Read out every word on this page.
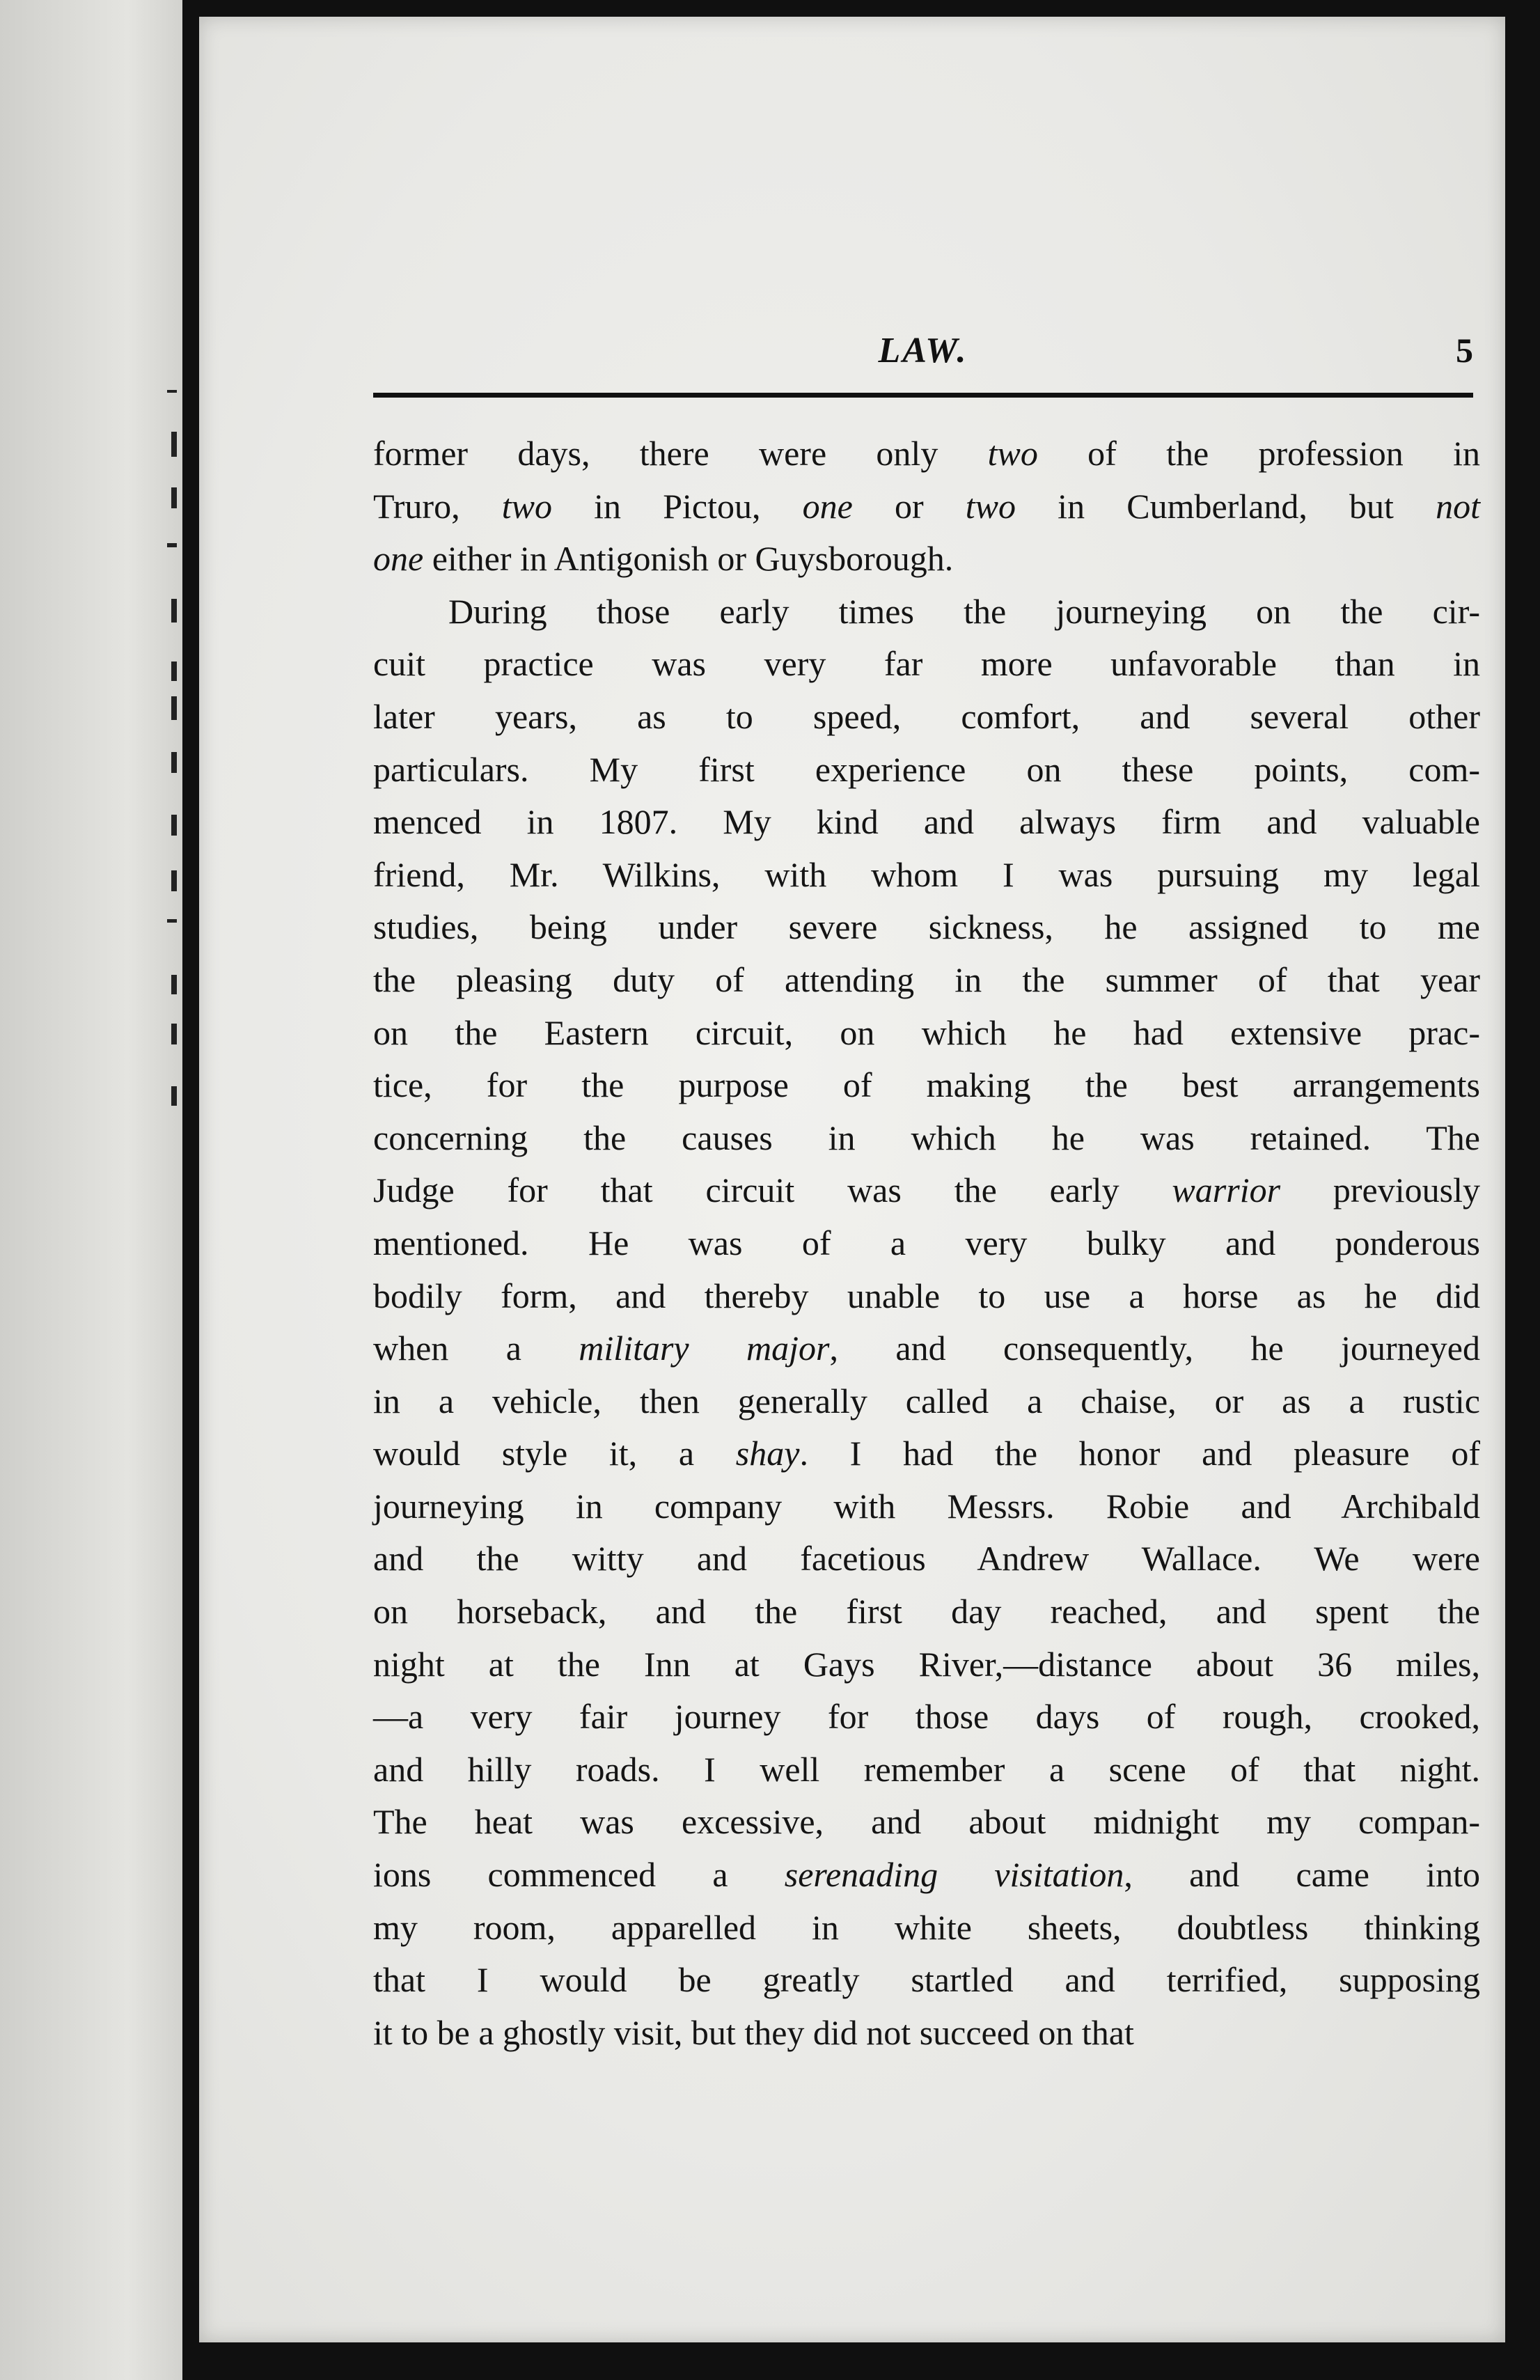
LAW.	5
former days, there were only two of the profession in
Truro, two in Pictou, one or two in Cumberland, but not
one either in Antigonish or Guysborough.
During those early times the journeying on the cir-
cuit practice was very far more unfavorable than in
later years, as to speed, comfort, and several other
particulars. My first experience on these points, com-
menced in 1807. My kind and always firm and valuable
friend, Mr. Wilkins, with whom I was pursuing my legal
studies, being under severe sickness, he assigned to me
the pleasing duty of attending in the summer of that year
on the Eastern circuit, on which he had extensive prac-
tice, for the purpose of making the best arrangements
concerning the causes in which he was retained. The
Judge for that circuit was the early warrior previously
mentioned. He was of a very bulky and ponderous
bodily form, and thereby unable to use a horse as he did
when a military major, and consequently, he journeyed
in a vehicle, then generally called a chaise, or as a rustic
would style it, a shay. I had the honor and pleasure of
journeying in company with Messrs. Robie and Archibald
and the witty and facetious Andrew Wallace. We were
on horseback, and the first day reached, and spent the
night at the Inn at Gays River,—distance about 36 miles,
—a very fair journey for those days of rough, crooked,
and hilly roads. I well remember a scene of that night.
The heat was excessive, and about midnight my compan-
ions commenced a serenading visitation, and came into
my room, apparelled in white sheets, doubtless thinking
that I would be greatly startled and terrified, supposing
it to be a ghostly visit, but they did not succeed on that
